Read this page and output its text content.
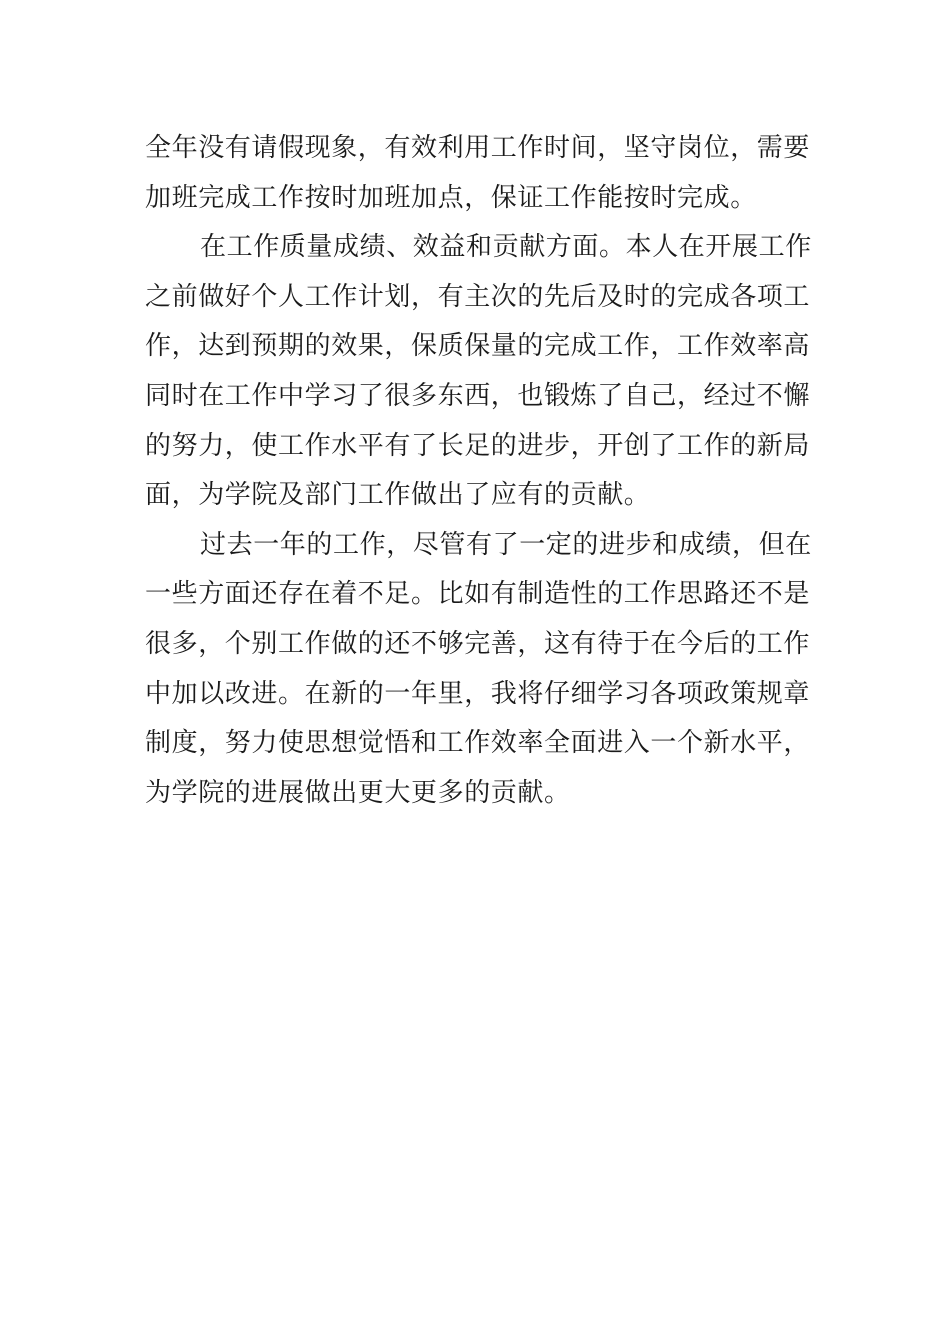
全年没有请假现象，有效利用工作时间，坚守岗位，需要
加班完成工作按时加班加点，保证工作能按时完成。
在工作质量成绩、效益和贡献方面。本人在开展工作
之前做好个人工作计划，有主次的先后及时的完成各项工
作，达到预期的效果，保质保量的完成工作，工作效率高
同时在工作中学习了很多东西，也锻炼了自己，经过不懈
的努力，使工作水平有了长足的进步，开创了工作的新局
面，为学院及部门工作做出了应有的贡献。
过去一年的工作，尽管有了一定的进步和成绩，但在
一些方面还存在着不足。比如有制造性的工作思路还不是
很多，个别工作做的还不够完善，这有待于在今后的工作
中加以改进。在新的一年里，我将仔细学习各项政策规章
制度，努力使思想觉悟和工作效率全面进入一个新水平，
为学院的进展做出更大更多的贡献。
